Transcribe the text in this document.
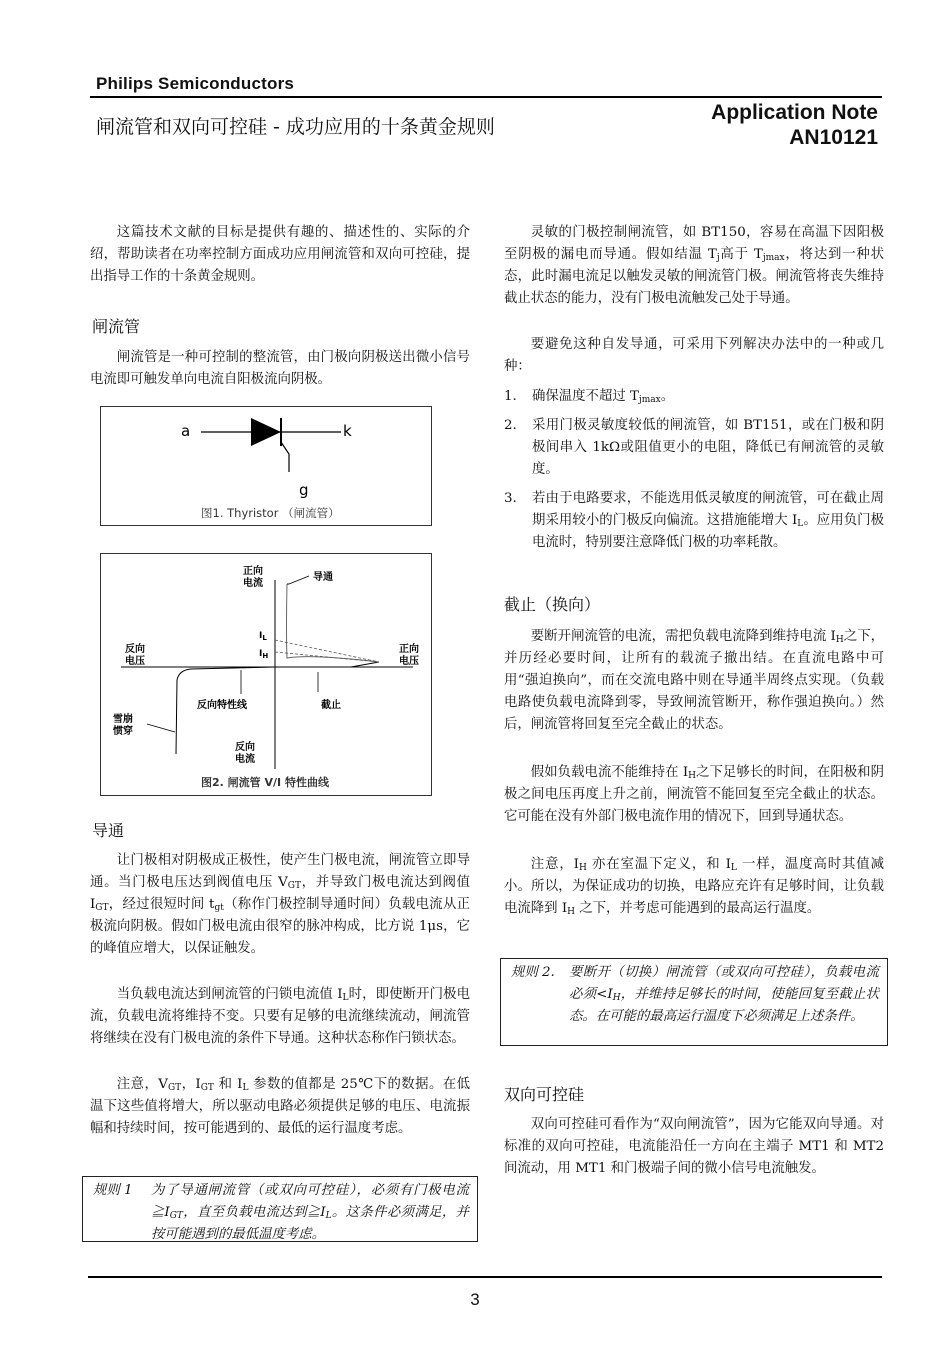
Philips Semiconductors
闸流管和双向可控硅 - 成功应用的十条黄金规则
Application Note
AN10121
这篇技术文献的目标是提供有趣的、描述性的、实际的介绍，帮助读者在功率控制方面成功应用闸流管和双向可控硅，提出指导工作的十条黄金规则。
闸流管
闸流管是一种可控制的整流管，由门极向阴极送出微小信号电流即可触发单向电流自阳极流向阴极。
a	k
g
图1. Thyristor （闸流管）
正向
电流
导通
$I_L$
$I_H$
反向
电压
正向
电压
反向特性线	截止
雪崩
惯穿
反向
电流
图2. 闸流管 V/I 特性曲线
导通
让门极相对阴极成正极性，使产生门极电流，闸流管立即导通。当门极电压达到阀值电压 $V_{GT}$，并导致门极电流达到阀值 $I_{GT}$，经过很短时间 $t_{gt}$（称作门极控制导通时间）负载电流从正极流向阴极。假如门极电流由很窄的脉冲构成，比方说 1μs，它的峰值应增大，以保证触发。
当负载电流达到闸流管的闩锁电流值 $I_L$时，即使断开门极电流，负载电流将维持不变。只要有足够的电流继续流动，闸流管将继续在没有门极电流的条件下导通。这种状态称作闩锁状态。
注意，$V_{GT}$，$I_{GT}$ 和 $I_L$ 参数的值都是 25℃下的数据。在低温下这些值将增大，所以驱动电路必须提供足够的电压、电流振幅和持续时间，按可能遇到的、最低的运行温度考虑。
规则 1	为了导通闸流管（或双向可控硅），必须有门极电流$≧I_{GT}$，直至负载电流达到$≧I_L$。这条件必须满足，并按可能遇到的最低温度考虑。
灵敏的门极控制闸流管，如 BT150，容易在高温下因阳极至阴极的漏电而导通。假如结温 $T_j$高于 $T_{jmax}$，将达到一种状态，此时漏电流足以触发灵敏的闸流管门极。闸流管将丧失维持截止状态的能力，没有门极电流触发己处于导通。
要避免这种自发导通，可采用下列解决办法中的一种或几种：
1. 确保温度不超过 $T_{jmax}$。
2. 采用门极灵敏度较低的闸流管，如 BT151，或在门极和阴极间串入 1kΩ或阻值更小的电阻，降低已有闸流管的灵敏度。
3. 若由于电路要求，不能选用低灵敏度的闸流管，可在截止周期采用较小的门极反向偏流。这措施能增大 $I_L$。应用负门极电流时，特别要注意降低门极的功率耗散。
截止（换向）
要断开闸流管的电流，需把负载电流降到维持电流 $I_H$之下，并历经必要时间，让所有的载流子撤出结。在直流电路中可用“强迫换向”，而在交流电路中则在导通半周终点实现。（负载电路使负载电流降到零，导致闸流管断开，称作强迫换向。）然后，闸流管将回复至完全截止的状态。
假如负载电流不能维持在 $I_H$之下足够长的时间，在阳极和阴极之间电压再度上升之前，闸流管不能回复至完全截止的状态。它可能在没有外部门极电流作用的情况下，回到导通状态。
注意，$I_H$ 亦在室温下定义，和 $I_L$ 一样，温度高时其值减小。所以，为保证成功的切换，电路应充许有足够时间，让负载电流降到 $I_H$ 之下，并考虑可能遇到的最高运行温度。
规则 2.	要断开（切换）闸流管（或双向可控硅），负载电流必须$<I_H$，并维持足够长的时间，使能回复至截止状态。在可能的最高运行温度下必须满足上述条件。
双向可控硅
双向可控硅可看作为“双向闸流管”，因为它能双向导通。对标准的双向可控硅，电流能沿任一方向在主端子 MT1 和 MT2 间流动，用 MT1 和门极端子间的微小信号电流触发。
3
